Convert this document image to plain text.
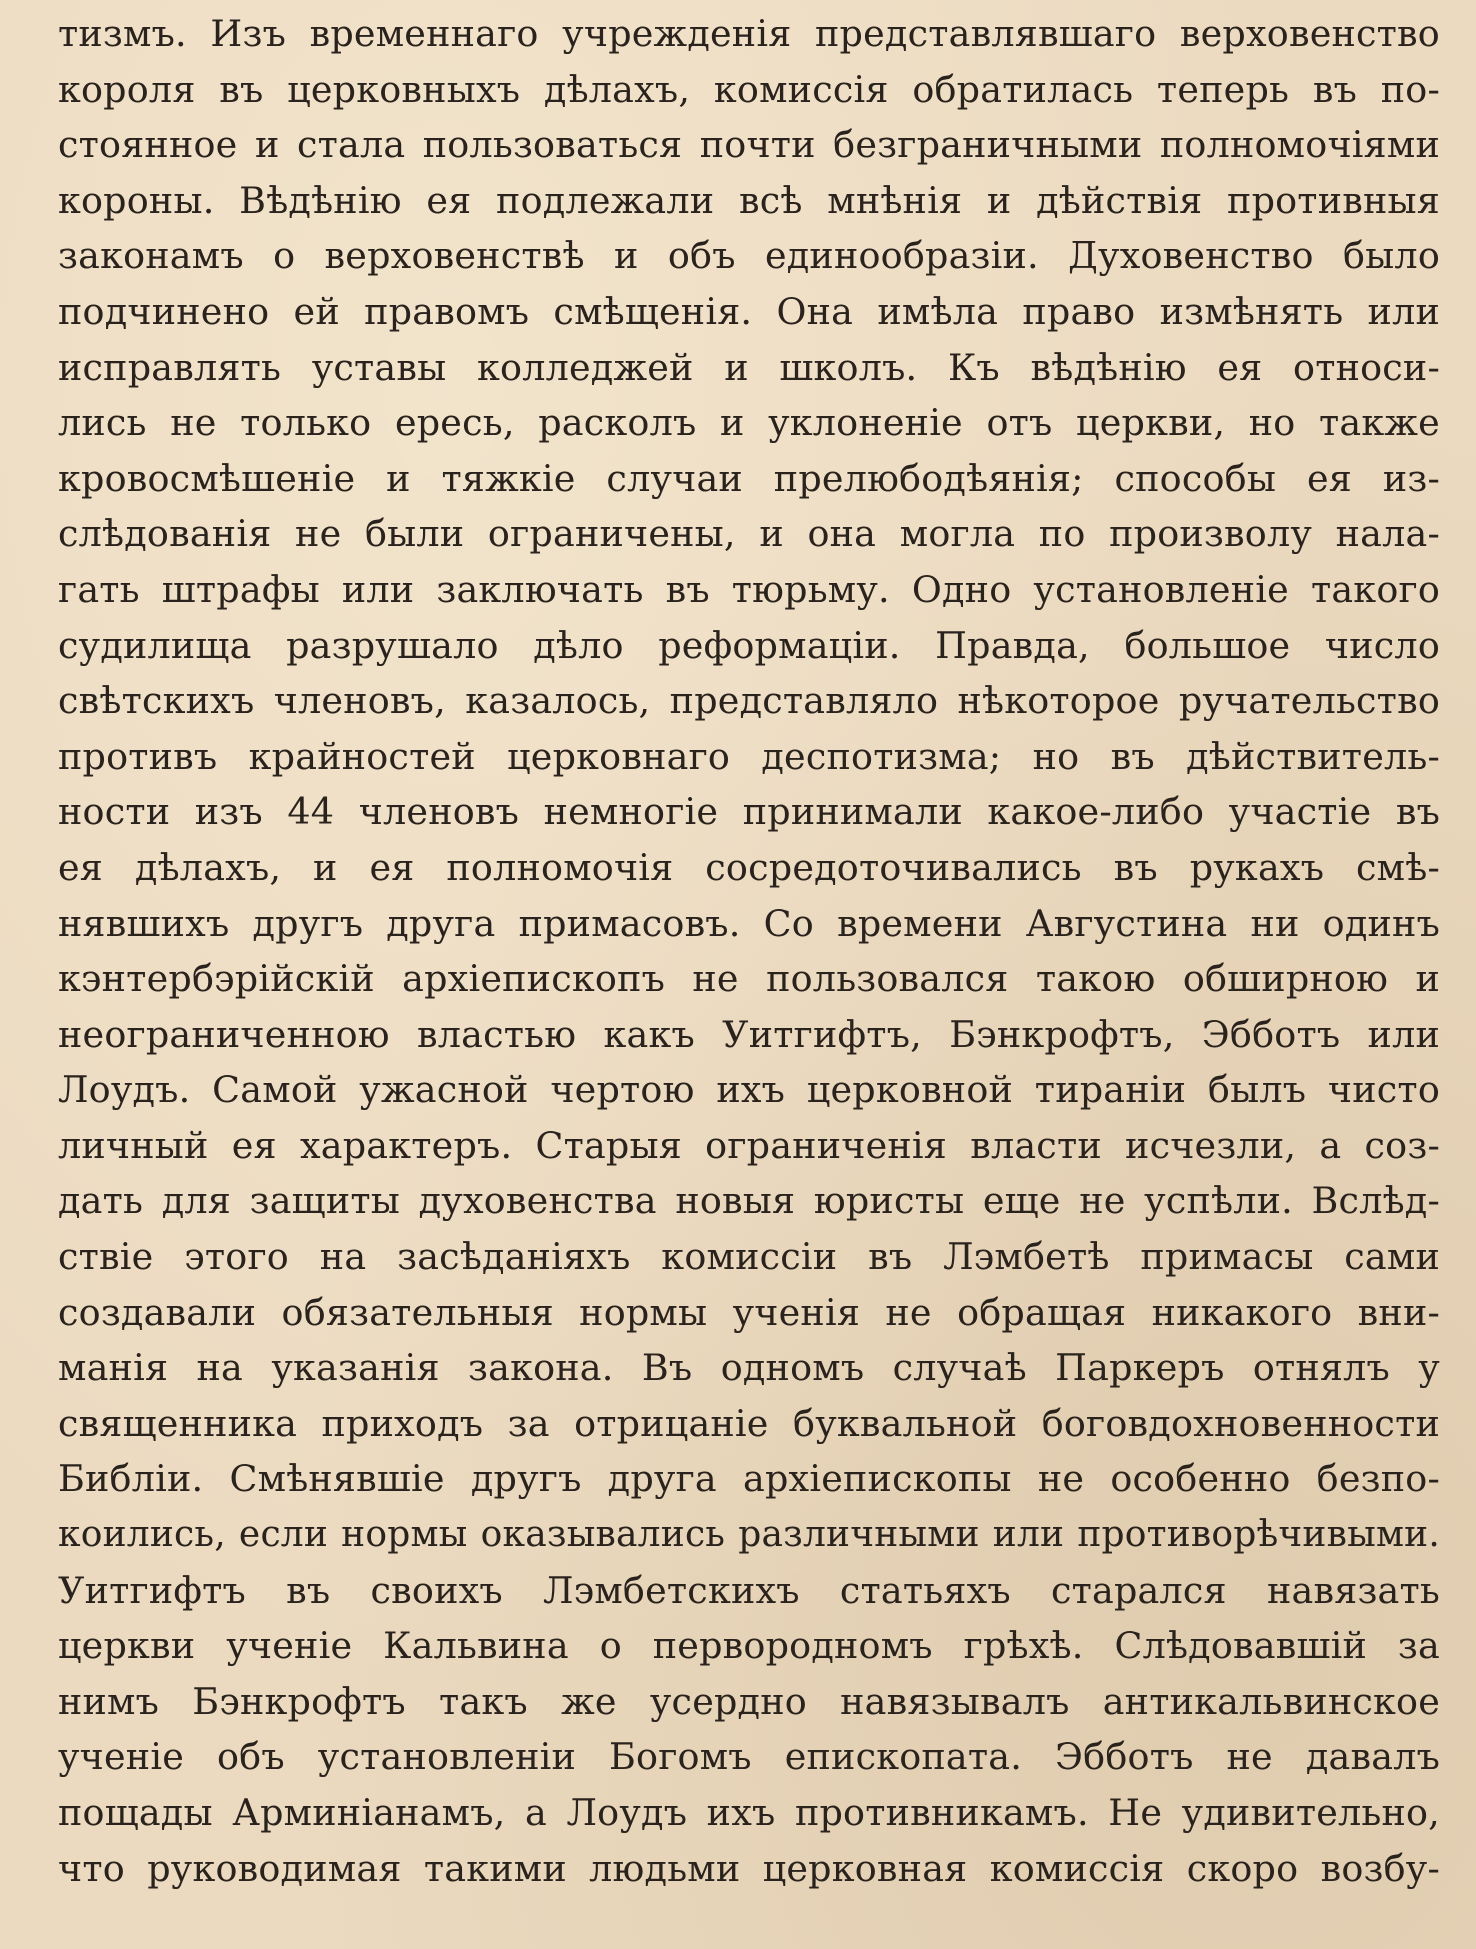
тизмъ. Изъ временнаго учрежденія представлявшаго верховенство
короля въ церковныхъ дѣлахъ, комиссія обратилась теперь въ по-
стоянное и стала пользоваться почти безграничными полномочіями
короны. Вѣдѣнію ея подлежали всѣ мнѣнія и дѣйствія противныя
законамъ о верховенствѣ и объ единообразіи. Духовенство было
подчинено ей правомъ смѣщенія. Она имѣла право измѣнять или
исправлять уставы колледжей и школъ. Къ вѣдѣнію ея относи-
лись не только ересь, расколъ и уклоненіе отъ церкви, но также
кровосмѣшеніе и тяжкіе случаи прелюбодѣянія; способы ея из-
слѣдованія не были ограничены, и она могла по произволу нала-
гать штрафы или заключать въ тюрьму. Одно установленіе такого
судилища разрушало дѣло реформаціи. Правда, большое число
свѣтскихъ членовъ, казалось, представляло нѣкоторое ручательство
противъ крайностей церковнаго деспотизма; но въ дѣйствитель-
ности изъ 44 членовъ немногіе принимали какое-либо участіе въ
ея дѣлахъ, и ея полномочія сосредоточивались въ рукахъ смѣ-
нявшихъ другъ друга примасовъ. Со времени Августина ни одинъ
кэнтербэрійскій архіепископъ не пользовался такою обширною и
неограниченною властью какъ Уитгифтъ, Бэнкрофтъ, Эбботъ или
Лоудъ. Самой ужасной чертою ихъ церковной тираніи былъ чисто
личный ея характеръ. Старыя ограниченія власти исчезли, а соз-
дать для защиты духовенства новыя юристы еще не успѣли. Вслѣд-
ствіе этого на засѣданіяхъ комиссіи въ Лэмбетѣ примасы сами
создавали обязательныя нормы ученія не обращая никакого вни-
манія на указанія закона. Въ одномъ случаѣ Паркеръ отнялъ у
священника приходъ за отрицаніе буквальной боговдохновенности
Библіи. Смѣнявшіе другъ друга архіепископы не особенно безпо-
коились, если нормы оказывались различными или противорѣчивыми.
Уитгифтъ въ своихъ Лэмбетскихъ статьяхъ старался навязать
церкви ученіе Кальвина о первородномъ грѣхѣ. Слѣдовавшій за
нимъ Бэнкрофтъ такъ же усердно навязывалъ антикальвинское
ученіе объ установленіи Богомъ епископата. Эбботъ не давалъ
пощады Арминіанамъ, а Лоудъ ихъ противникамъ. Не удивительно,
что руководимая такими людьми церковная комиссія скоро возбу-
